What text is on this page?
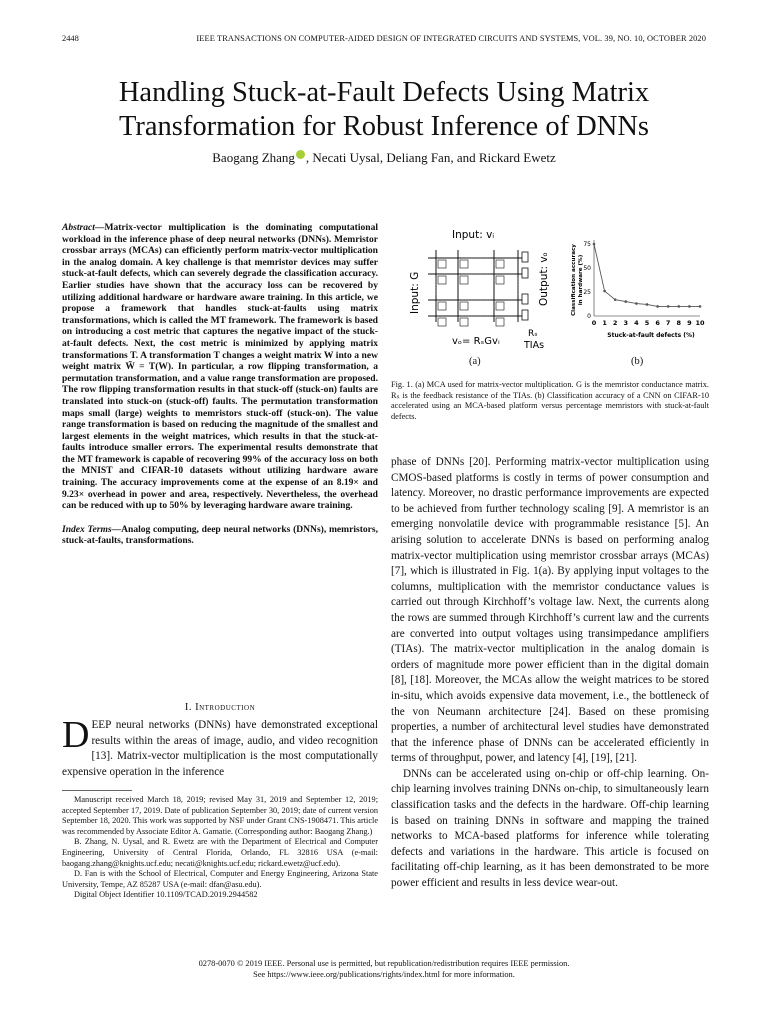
2448	IEEE TRANSACTIONS ON COMPUTER-AIDED DESIGN OF INTEGRATED CIRCUITS AND SYSTEMS, VOL. 39, NO. 10, OCTOBER 2020
Handling Stuck-at-Fault Defects Using Matrix
Transformation for Robust Inference of DNNs
Baogang Zhang , Necati Uysal, Deliang Fan, and Rickard Ewetz

Abstract—Matrix-vector multiplication is the dominating computational workload in the inference phase of deep neural networks (DNNs). Memristor crossbar arrays (MCAs) can efficiently perform matrix-vector multiplication in the analog domain. A key challenge is that memristor devices may suffer stuck-at-fault defects, which can severely degrade the classification accuracy. Earlier studies have shown that the accuracy loss can be recovered by utilizing additional hardware or hardware aware training. In this article, we propose a framework that handles stuck-at-faults using matrix transformations, which is called the MT framework. The framework is based on introducing a cost metric that captures the negative impact of the stuck-at-fault defects. Next, the cost metric is minimized by applying matrix transformations T. A transformation T changes a weight matrix W into a new weight matrix W̃ = T(W). In particular, a row flipping transformation, a permutation transformation, and a value range transformation are proposed. The row flipping transformation results in that stuck-off (stuck-on) faults are translated into stuck-on (stuck-off) faults. The permutation transformation maps small (large) weights to memristors stuck-off (stuck-on). The value range transformation is based on reducing the magnitude of the smallest and largest elements in the weight matrices, which results in that the stuck-at-faults introduce smaller errors. The experimental results demonstrate that the MT framework is capable of recovering 99% of the accuracy loss on both the MNIST and CIFAR-10 datasets without utilizing hardware aware training. The accuracy improvements come at the expense of an 8.19× and 9.23× overhead in power and area, respectively. Nevertheless, the overhead can be reduced with up to 50% by leveraging hardware aware training.

Index Terms—Analog computing, deep neural networks (DNNs), memristors, stuck-at-faults, transformations.

I. Introduction

DEEP neural networks (DNNs) have demonstrated exceptional results within the areas of image, audio, and video recognition [13]. Matrix-vector multiplication is the most computationally expensive operation in the inference

Manuscript received March 18, 2019; revised May 31, 2019 and September 12, 2019; accepted September 17, 2019. Date of publication September 30, 2019; date of current version September 18, 2020. This work was supported by NSF under Grant CNS-1908471. This article was recommended by Associate Editor A. Gamatie. (Corresponding author: Baogang Zhang.)

B. Zhang, N. Uysal, and R. Ewetz are with the Department of Electrical and Computer Engineering, University of Central Florida, Orlando, FL 32816 USA (e-mail: baogang.zhang@knights.ucf.edu; necati@knights.ucf.edu; rickard.ewetz@ucf.edu).

D. Fan is with the School of Electrical, Computer and Energy Engineering, Arizona State University, Tempe, AZ 85287 USA (e-mail: dfan@asu.edu).

Digital Object Identifier 10.1109/TCAD.2019.2944582

Input: vᵢ
Input: G	Output: vₒ
Rₛ
TIAs
vₒ= RₛGvᵢ
0
25
50
75
0 1 2 3 4 5 6 7 8 9 10
Stuck-at-fault defects (%)
Classification accuracyin hardware (%)
(a)	(b)

Fig. 1. (a) MCA used for matrix-vector multiplication. G is the memristor conductance matrix. Rₛ is the feedback resistance of the TIAs. (b) Classification accuracy of a CNN on CIFAR-10 accelerated using an MCA-based platform versus percentage memristors with stuck-at-fault defects.

phase of DNNs [20]. Performing matrix-vector multiplication using CMOS-based platforms is costly in terms of power consumption and latency. Moreover, no drastic performance improvements are expected to be achieved from further technology scaling [9]. A memristor is an emerging nonvolatile device with programmable resistance [5]. An arising solution to accelerate DNNs is based on performing analog matrix-vector multiplication using memristor crossbar arrays (MCAs) [7], which is illustrated in Fig. 1(a). By applying input voltages to the columns, multiplication with the memristor conductance values is carried out through Kirchhoff’s voltage law. Next, the currents along the rows are summed through Kirchhoff’s current law and the currents are converted into output voltages using transimpedance amplifiers (TIAs). The matrix-vector multiplication in the analog domain is orders of magnitude more power efficient than in the digital domain [8], [18]. Moreover, the MCAs allow the weight matrices to be stored in-situ, which avoids expensive data movement, i.e., the bottleneck of the von Neumann architecture [24]. Based on these promising properties, a number of architectural level studies have demonstrated that the inference phase of DNNs can be accelerated efficiently in terms of throughput, power, and latency [4], [19], [21].

DNNs can be accelerated using on-chip or off-chip learning. On-chip learning involves training DNNs on-chip, to simultaneously learn classification tasks and the defects in the hardware. Off-chip learning is based on training DNNs in software and mapping the trained networks to MCA-based platforms for inference while tolerating defects and variations in the hardware. This article is focused on facilitating off-chip learning, as it has been demonstrated to be more power efficient and results in less device wear-out.

0278-0070 © 2019 IEEE. Personal use is permitted, but republication/redistribution requires IEEE permission.
See https://www.ieee.org/publications/rights/index.html for more information.
